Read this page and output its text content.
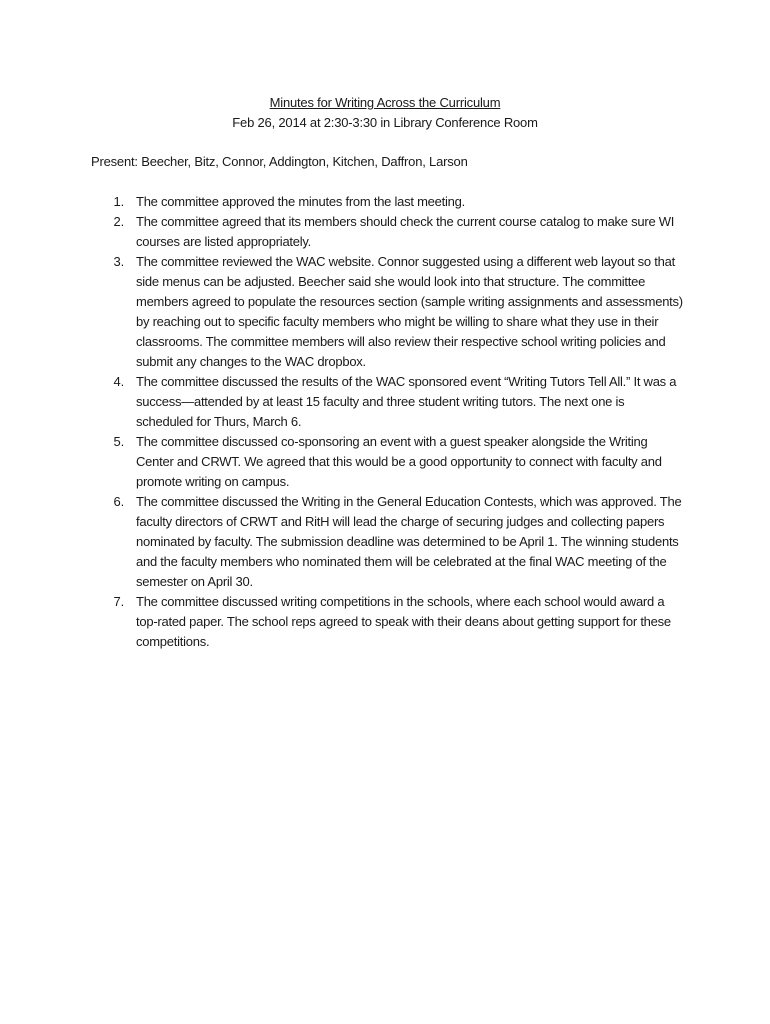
Minutes for Writing Across the Curriculum
Feb 26, 2014 at 2:30-3:30 in Library Conference Room
Present: Beecher, Bitz, Connor, Addington, Kitchen, Daffron, Larson
1. The committee approved the minutes from the last meeting.
2. The committee agreed that its members should check the current course catalog to make sure WI courses are listed appropriately.
3. The committee reviewed the WAC website. Connor suggested using a different web layout so that side menus can be adjusted. Beecher said she would look into that structure. The committee members agreed to populate the resources section (sample writing assignments and assessments) by reaching out to specific faculty members who might be willing to share what they use in their classrooms. The committee members will also review their respective school writing policies and submit any changes to the WAC dropbox.
4. The committee discussed the results of the WAC sponsored event “Writing Tutors Tell All.” It was a success—attended by at least 15 faculty and three student writing tutors. The next one is scheduled for Thurs, March 6.
5. The committee discussed co-sponsoring an event with a guest speaker alongside the Writing Center and CRWT. We agreed that this would be a good opportunity to connect with faculty and promote writing on campus.
6. The committee discussed the Writing in the General Education Contests, which was approved. The faculty directors of CRWT and RitH will lead the charge of securing judges and collecting papers nominated by faculty. The submission deadline was determined to be April 1. The winning students and the faculty members who nominated them will be celebrated at the final WAC meeting of the semester on April 30.
7. The committee discussed writing competitions in the schools, where each school would award a top-rated paper. The school reps agreed to speak with their deans about getting support for these competitions.
